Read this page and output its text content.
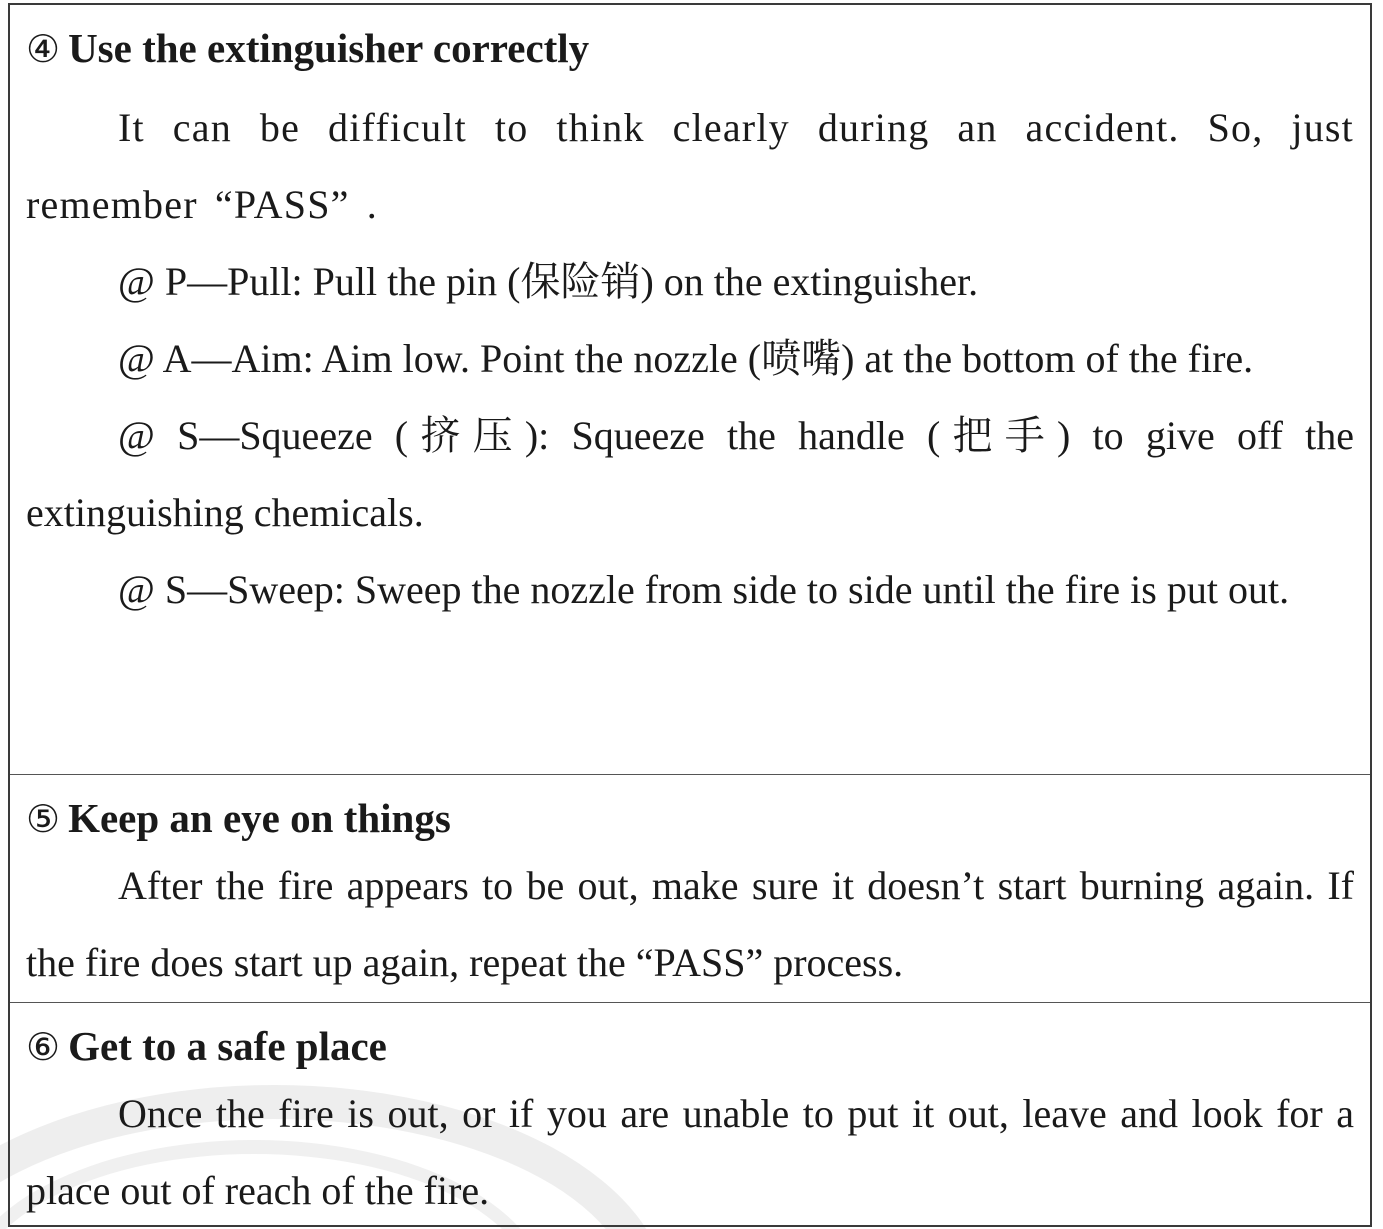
④ Use the extinguisher correctly
It can be difficult to think clearly during an accident. So, just remember “PASS” .
@ P—Pull: Pull the pin (保险销) on the extinguisher.
@ A—Aim: Aim low. Point the nozzle (喷嘴) at the bottom of the fire.
@ S—Squeeze (挤压): Squeeze the handle (把手) to give off the extinguishing chemicals.
@ S—Sweep: Sweep the nozzle from side to side until the fire is put out.
⑤ Keep an eye on things
After the fire appears to be out, make sure it doesn’t start burning again. If the fire does start up again, repeat the “PASS” process.
⑥ Get to a safe place
Once the fire is out, or if you are unable to put it out, leave and look for a place out of reach of the fire.
